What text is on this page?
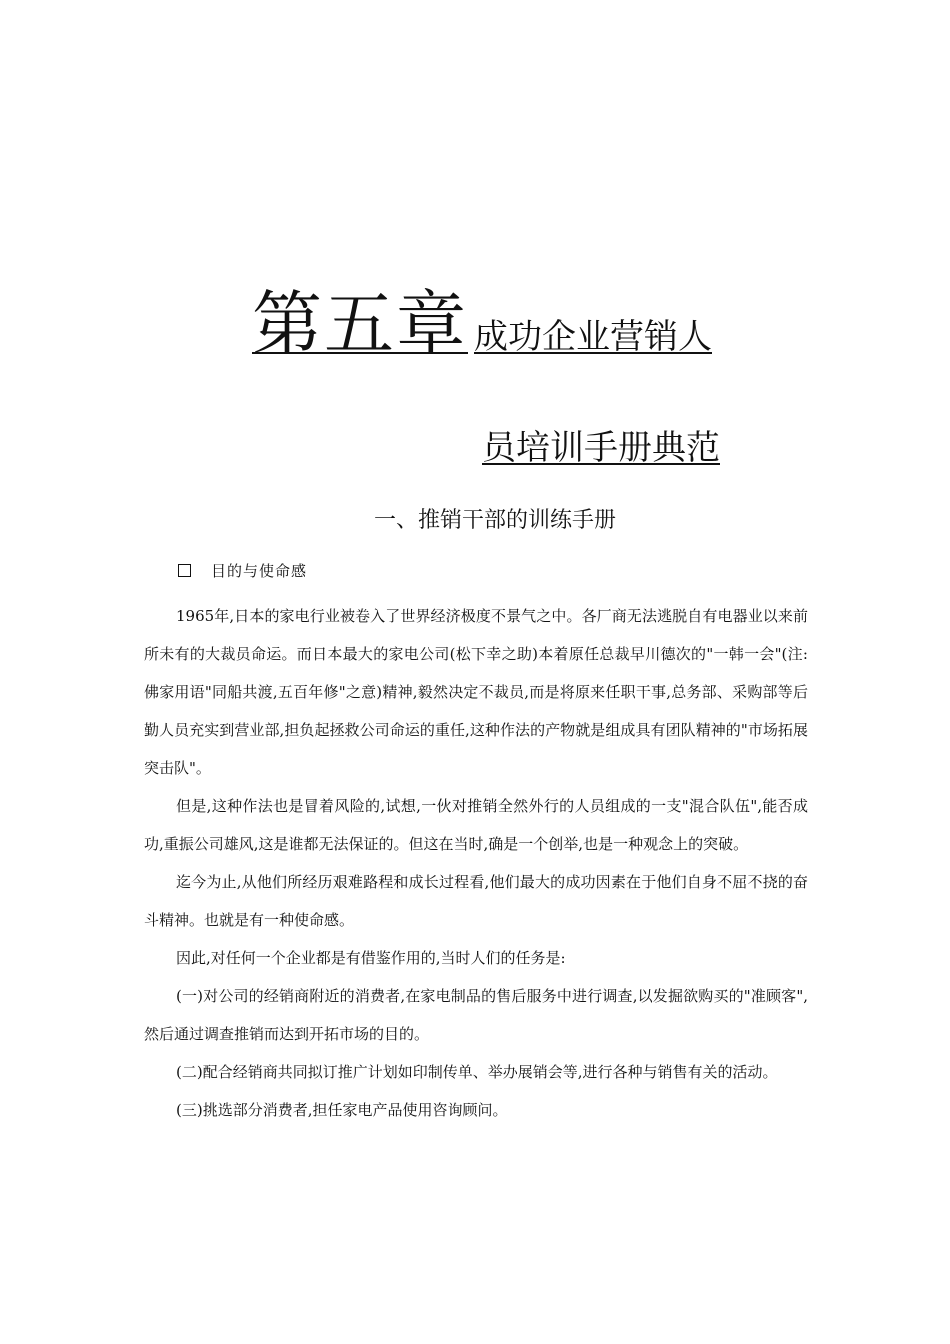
第五章 成功企业营销人
员培训手册典范
一、推销干部的训练手册
目的与使命感

1965年,日本的家电行业被卷入了世界经济极度不景气之中。各厂商无法逃脱自有电器业以来前所未有的大裁员命运。而日本最大的家电公司(松下幸之助)本着原任总裁早川德次的"一韩一会"(注:佛家用语"同船共渡,五百年修"之意)精神,毅然决定不裁员,而是将原来任职干事,总务部、采购部等后勤人员充实到营业部,担负起拯救公司命运的重任,这种作法的产物就是组成具有团队精神的"市场拓展突击队"。

但是,这种作法也是冒着风险的,试想,一伙对推销全然外行的人员组成的一支"混合队伍",能否成功,重振公司雄风,这是谁都无法保证的。但这在当时,确是一个创举,也是一种观念上的突破。

迄今为止,从他们所经历艰难路程和成长过程看,他们最大的成功因素在于他们自身不屈不挠的奋斗精神。也就是有一种使命感。

因此,对任何一个企业都是有借鉴作用的,当时人们的任务是:

(一)对公司的经销商附近的消费者,在家电制品的售后服务中进行调查,以发掘欲购买的"准顾客",然后通过调查推销而达到开拓市场的目的。

(二)配合经销商共同拟订推广计划如印制传单、举办展销会等,进行各种与销售有关的活动。

(三)挑选部分消费者,担任家电产品使用咨询顾问。
